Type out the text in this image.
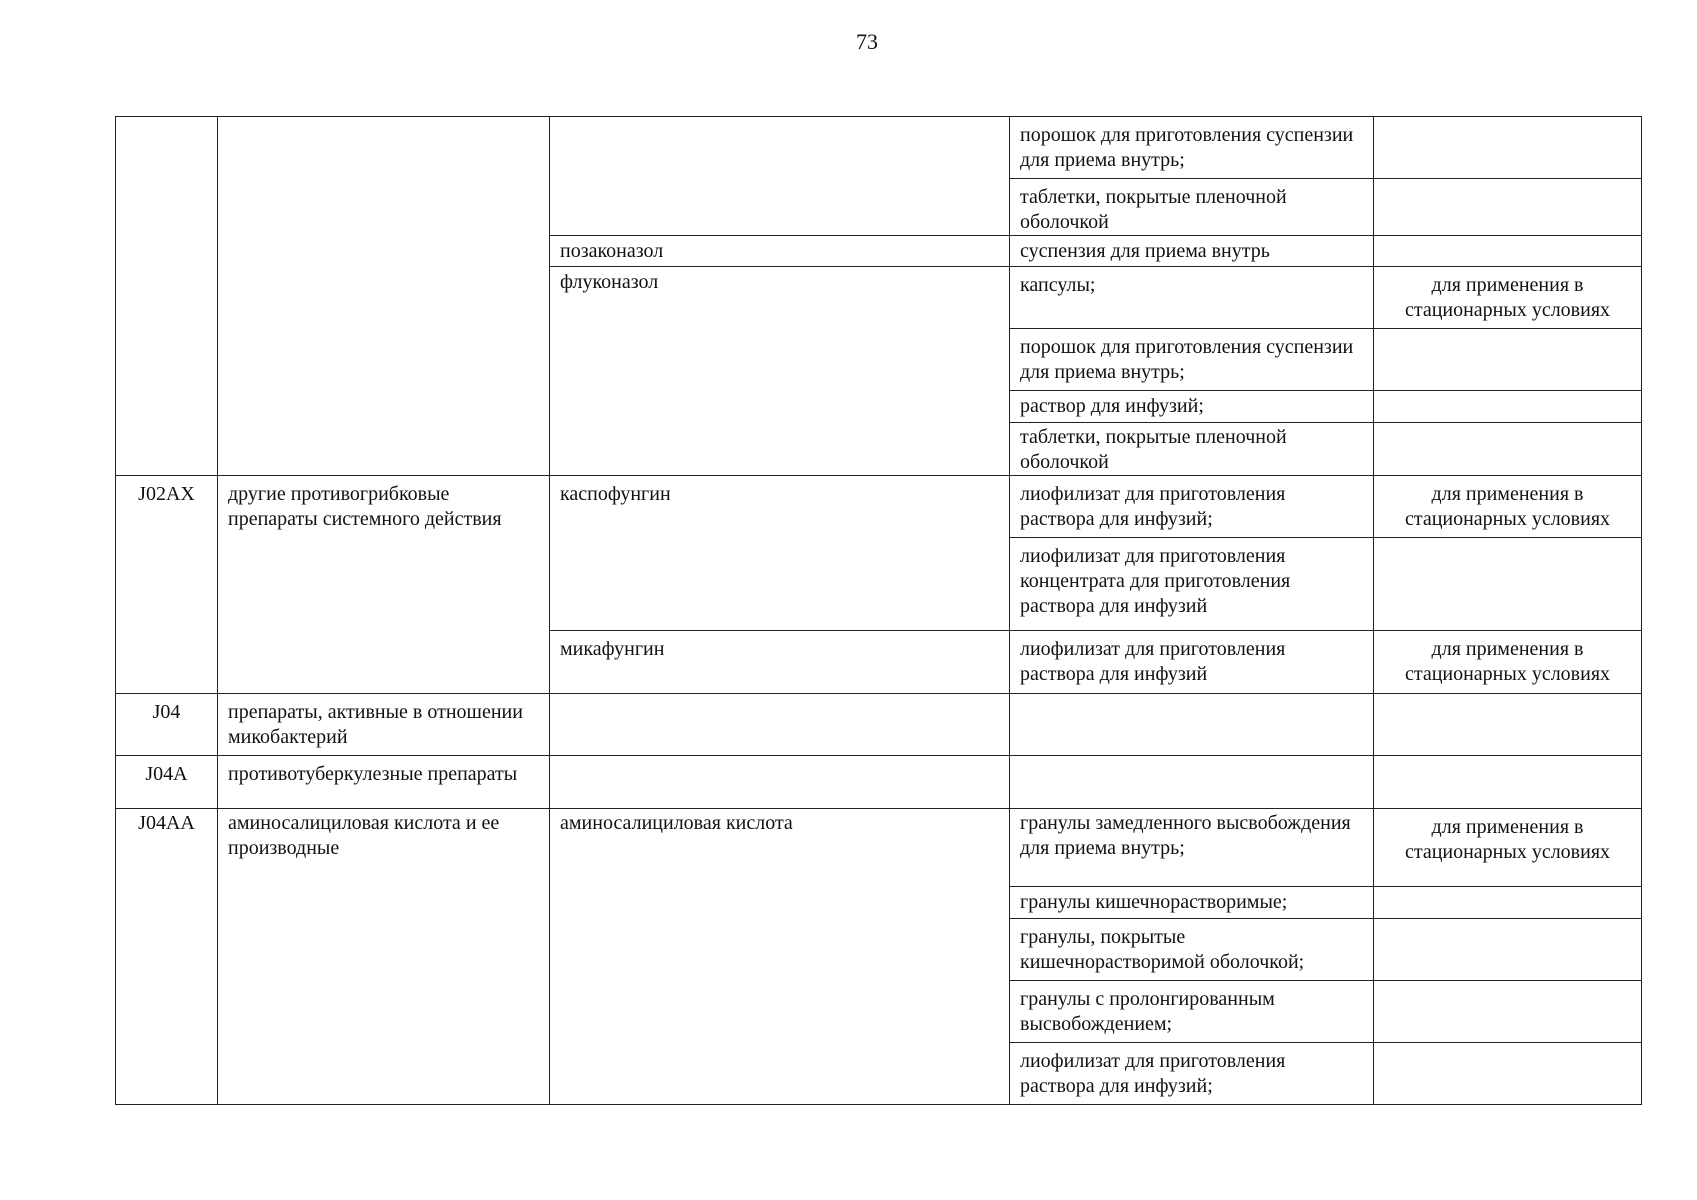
73
			порошок для приготовления суспензии для приема внутрь;	
			таблетки, покрытые пленочной оболочкой	
		позаконазол	суспензия для приема внутрь	
		флуконазол	капсулы;	для применения в стационарных условиях
			порошок для приготовления суспензии для приема внутрь;	
			раствор для инфузий;	
			таблетки, покрытые пленочной оболочкой	
J02AX	другие противогрибковые препараты системного действия	каспофунгин	лиофилизат для приготовления раствора для инфузий;	для применения в стационарных условиях
			лиофилизат для приготовления концентрата для приготовления раствора для инфузий	
		микафунгин	лиофилизат для приготовления раствора для инфузий	для применения в стационарных условиях
J04	препараты, активные в отношении микобактерий			
J04A	противотуберкулезные препараты			
J04AA	аминосалициловая кислота и ее производные	аминосалициловая кислота	гранулы замедленного высвобождения для приема внутрь;	для применения в стационарных условиях
			гранулы кишечнорастворимые;	
			гранулы, покрытые кишечнорастворимой оболочкой;	
			гранулы с пролонгированным высвобождением;	
			лиофилизат для приготовления раствора для инфузий;	
